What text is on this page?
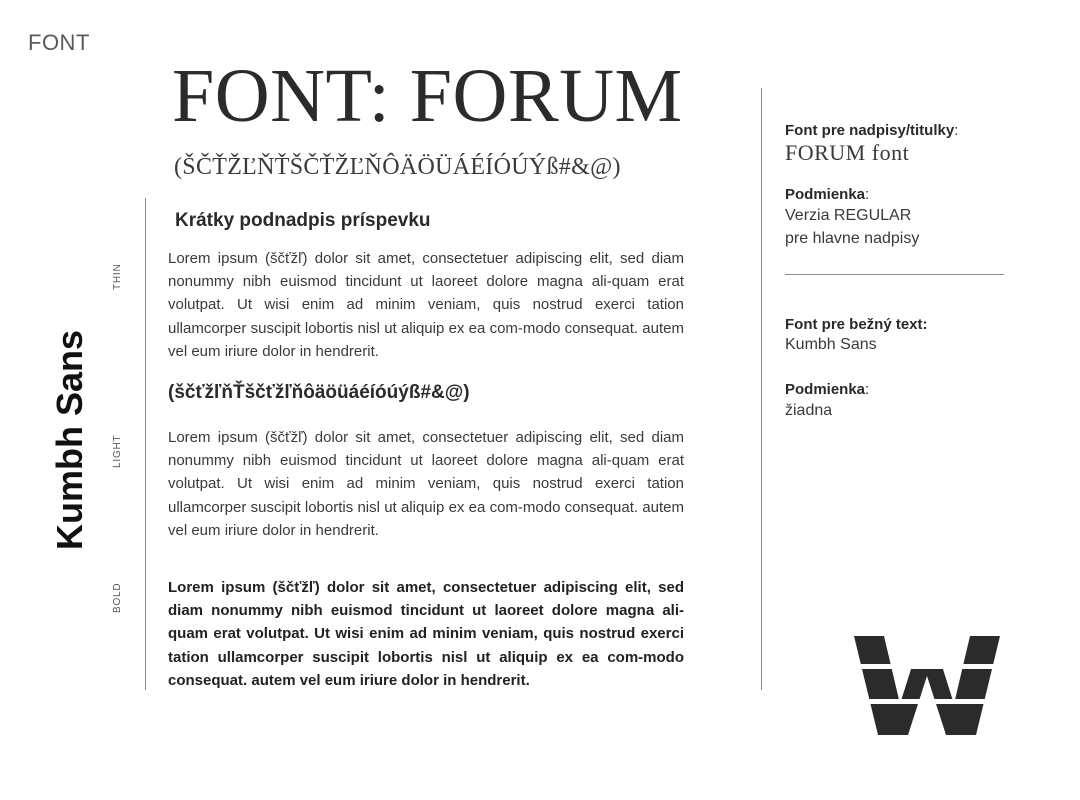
FONT
FONT: FORUM
(ŠČŤŽĽŇŤŠČŤŽĽŇÔÄÖÜÁÉÍÓÚÝß#&@)
Kumbh Sans
THIN
LIGHT
BOLD
Krátky podnadpis príspevku

Lorem ipsum (ščťžľ) dolor sit amet, consectetuer adipiscing elit, sed diam nonummy nibh euismod tincidunt ut laoreet dolore magna ali-quam erat volutpat. Ut wisi enim ad minim veniam, quis nostrud exerci tation ullamcorper suscipit lobortis nisl ut aliquip ex ea com-modo consequat. autem vel eum iriure dolor in hendrerit.

(ščťžľňŤščťžľňôäöüáéíóúýß#&@)

Lorem ipsum (ščťžľ) dolor sit amet, consectetuer adipiscing elit, sed diam nonummy nibh euismod tincidunt ut laoreet dolore magna ali-quam erat volutpat. Ut wisi enim ad minim veniam, quis nostrud exerci tation ullamcorper suscipit lobortis nisl ut aliquip ex ea com-modo consequat. autem vel eum iriure dolor in hendrerit.

Lorem ipsum (ščťžľ) dolor sit amet, consectetuer adipiscing elit, sed diam nonummy nibh euismod tincidunt ut laoreet dolore magna ali-quam erat volutpat. Ut wisi enim ad minim veniam, quis nostrud exerci tation ullamcorper suscipit lobortis nisl ut aliquip ex ea com-modo consequat. autem vel eum iriure dolor in hendrerit.

Font pre nadpisy/titulky:
FORUM font
Podmienka:
Verzia REGULAR
pre hlavne nadpisy
Font pre bežný text:
Kumbh Sans
Podmienka:
žiadna
